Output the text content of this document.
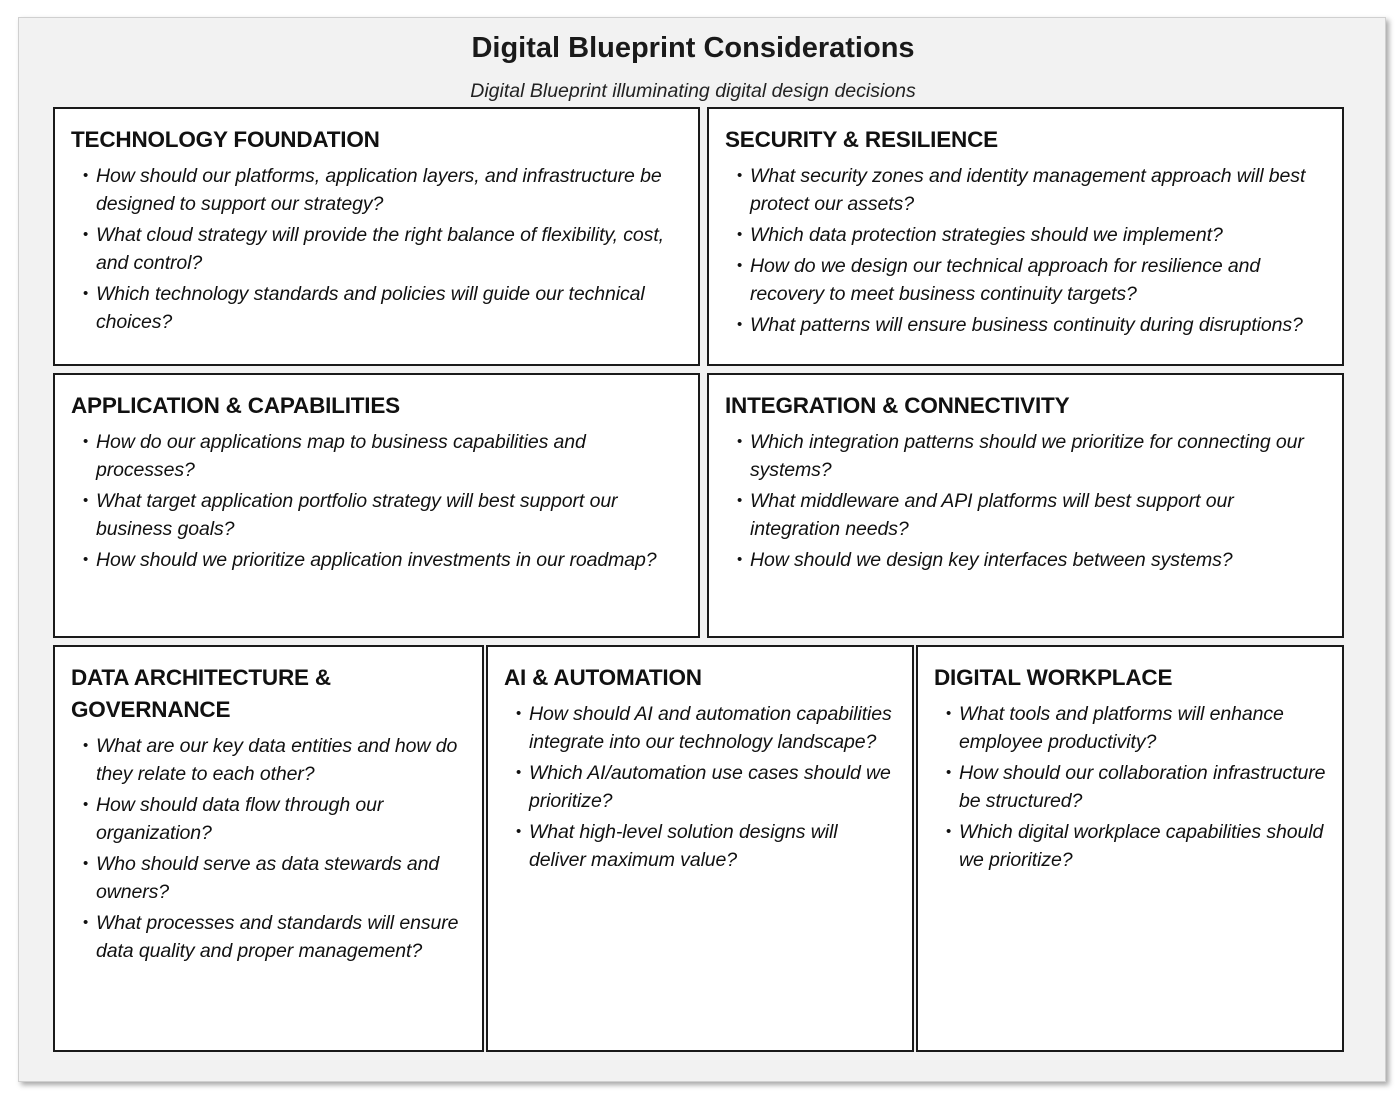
Digital Blueprint Considerations
Digital Blueprint illuminating digital design decisions
TECHNOLOGY FOUNDATION
• How should our platforms, application layers, and infrastructure be designed to support our strategy?
• What cloud strategy will provide the right balance of flexibility, cost, and control?
• Which technology standards and policies will guide our technical choices?
SECURITY & RESILIENCE
• What security zones and identity management approach will best protect our assets?
• Which data protection strategies should we implement?
• How do we design our technical approach for resilience and recovery to meet business continuity targets?
• What patterns will ensure business continuity during disruptions?
APPLICATION & CAPABILITIES
• How do our applications map to business capabilities and processes?
• What target application portfolio strategy will best support our business goals?
• How should we prioritize application investments in our roadmap?
INTEGRATION & CONNECTIVITY
• Which integration patterns should we prioritize for connecting our systems?
• What middleware and API platforms will best support our integration needs?
• How should we design key interfaces between systems?
DATA ARCHITECTURE & GOVERNANCE
• What are our key data entities and how do they relate to each other?
• How should data flow through our organization?
• Who should serve as data stewards and owners?
• What processes and standards will ensure data quality and proper management?
AI & AUTOMATION
• How should AI and automation capabilities integrate into our technology landscape?
• Which AI/automation use cases should we prioritize?
• What high-level solution designs will deliver maximum value?
DIGITAL WORKPLACE
• What tools and platforms will enhance employee productivity?
• How should our collaboration infrastructure be structured?
• Which digital workplace capabilities should we prioritize?
